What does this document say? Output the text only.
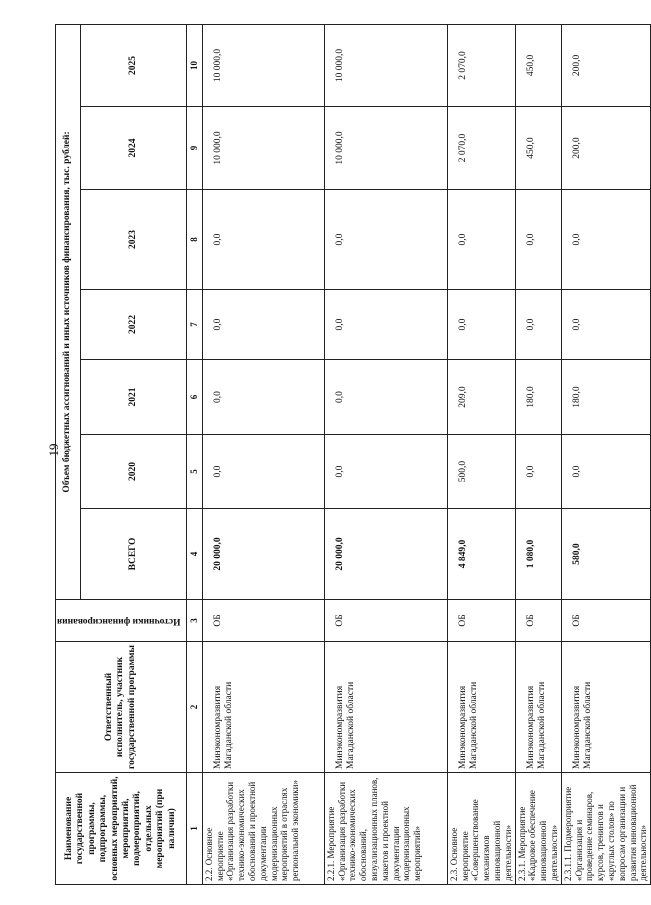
19
Наименование государственной программы, подпрограммы, основных мероприятий, мероприятий, подмероприятий, отдельных мероприятий (при наличии)	Ответственный исполнитель, участник государственной программы	Источники финансирования	Объем бюджетных ассигнований и иных источников финансирования, тыс. рублей:						
			ВСЕГО	2020	2021	2022	2023	2024	2025
1	2	3	4	5	6	7	8	9	10
2.2. Основное мероприятие «Организация разработки технико-экономических обоснований и проектной документации модернизационных мероприятий в отраслях региональной экономики»	Минэкономразвития Магаданской области	ОБ	20 000,0	0,0	0,0	0,0	0,0	10 000,0	10 000,0
2.2.1. Мероприятие «Организация разработки технико-экономических обоснований, визуализационных планов, макетов и проектной документации модернизационных мероприятий»	Минэкономразвития Магаданской области	ОБ	20 000,0	0,0	0,0	0,0	0,0	10 000,0	10 000,0
2.3. Основное мероприятие «Совершенствование механизмов инновационной деятельности»	Минэкономразвития Магаданской области	ОБ	4 849,0	500,0	209,0	0,0	0,0	2 070,0	2 070,0
2.3.1. Мероприятие «Кадровое обеспечение инновационной деятельности»	Минэкономразвития Магаданской области	ОБ	1 080,0	0,0	180,0	0,0	0,0	450,0	450,0
2.3.1.1. Подмероприятие «Организация и проведение семинаров, курсов, тренингов и «круглых столов» по вопросам организации и развития инновационной деятельности»	Минэкономразвития Магаданской области	ОБ	580,0	0,0	180,0	0,0	0,0	200,0	200,0
